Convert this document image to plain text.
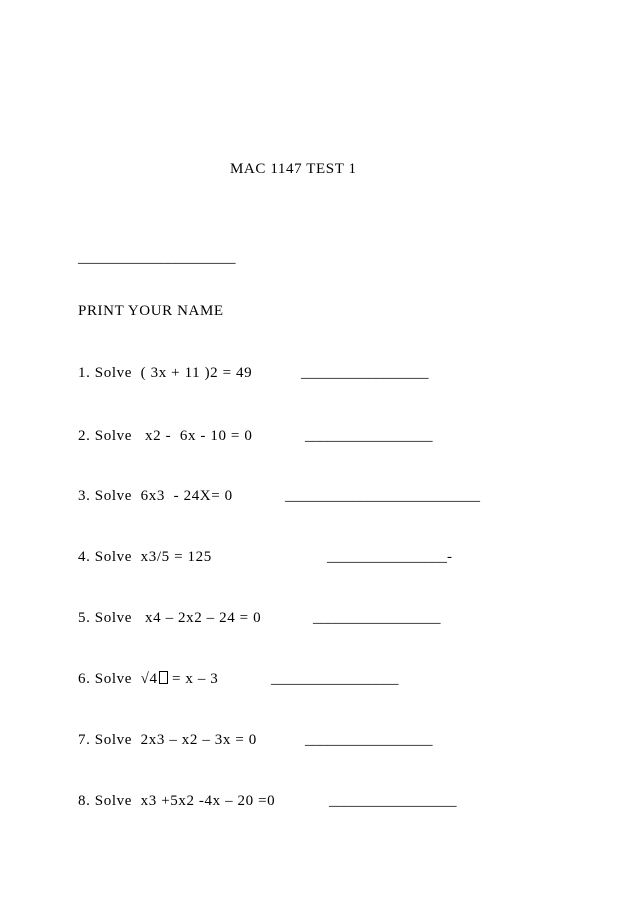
MAC 1147 TEST 1
_____________________
PRINT YOUR NAME
1. Solve  ( 3x + 11 )2 = 49	_________________
2. Solve   x2 -  6x - 10 = 0	_________________
3. Solve  6x3  - 24X= 0	__________________________
4. Solve  x3/5 = 125	________________-
5. Solve   x4 – 2x2 – 24 = 0	_________________
6. Solve  √4 = x – 3	_________________
7. Solve  2x3 – x2 – 3x = 0	_________________
8. Solve  x3 +5x2 -4x – 20 =0	_________________
